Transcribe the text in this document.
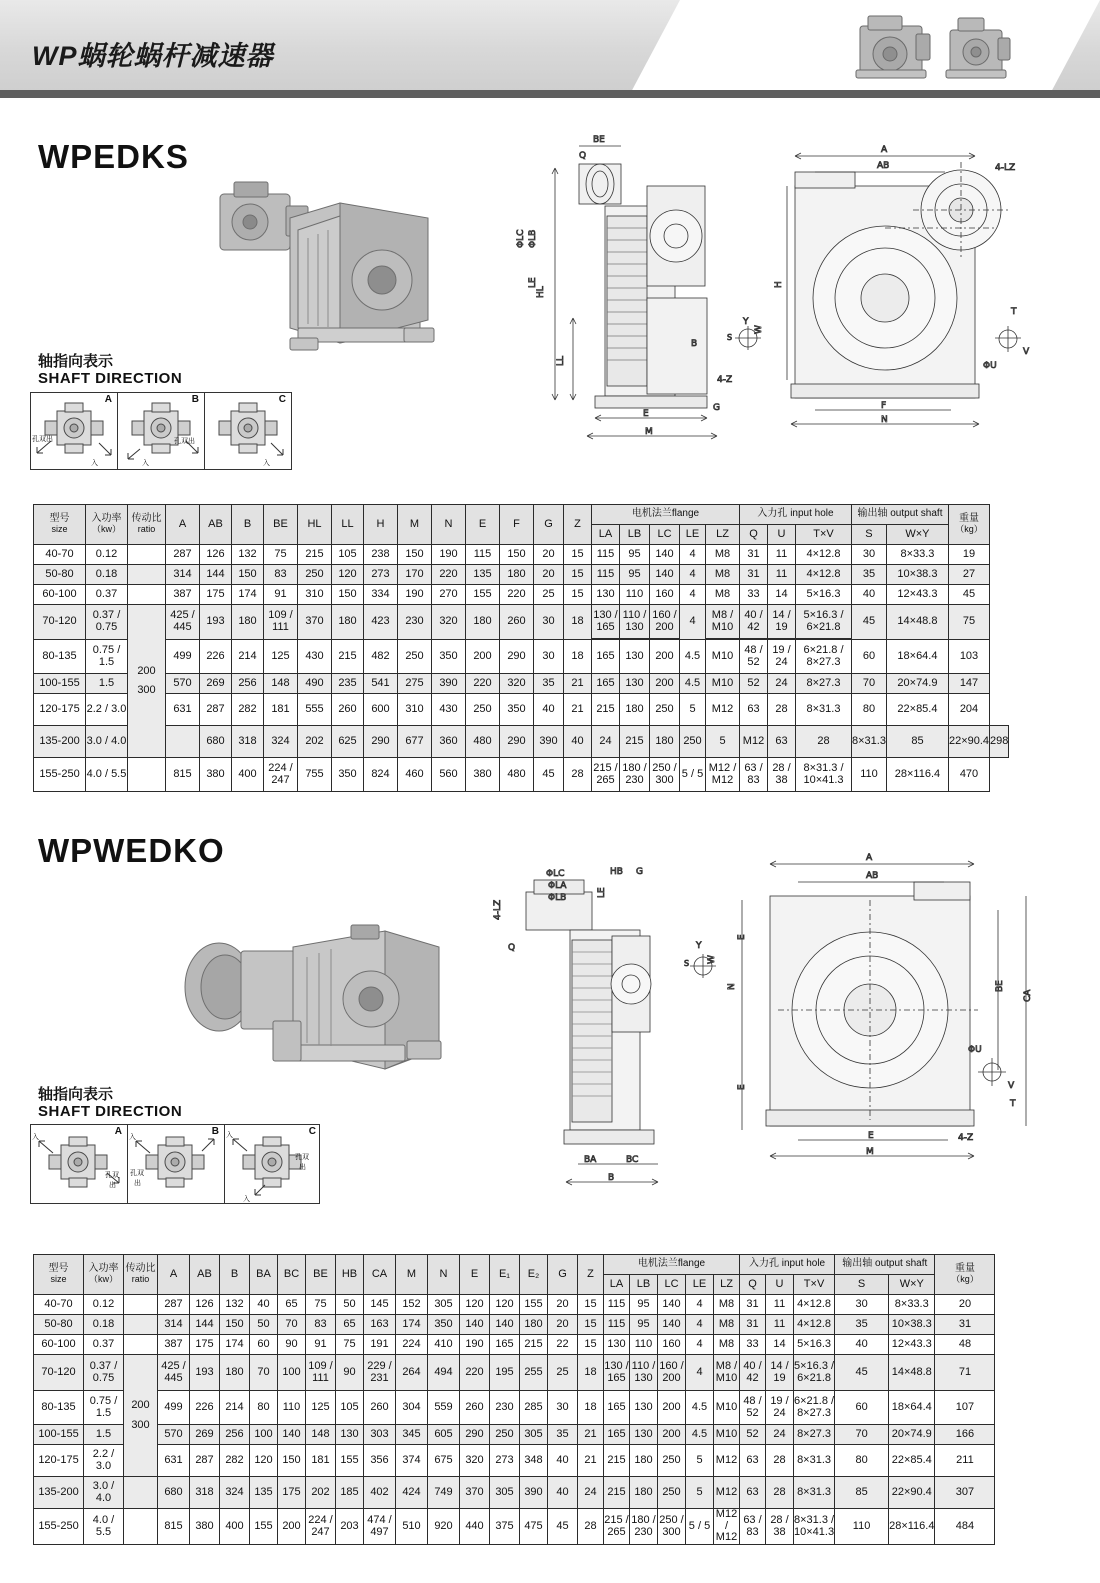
WP蜗轮蜗杆减速器
WPEDKS
轴指向表示
SHAFT DIRECTION
孔双出
入
A
孔双出
入
B
入
C
HL
LL
E
M
BE
Q
ΦLC ΦLB
LE
B
4-Z
G
S
Y
W
4-LZ
A
AB
N
F
H
T
ΦU
V
型号
size	入功率
（kw）	传动比
ratio	A	AB	B	BE	HL	LL	H	M	N	E	F	G	Z	电机法兰flange					入力孔 input hole			输出轴 output shaft		重量
（kg）	
																LA	LB	LC	LE	LZ	Q	U	T×V	S	W×Y		
40-70	0.12		287	126	132	75	215	105	238	150	190	115	150	20	15	115	95	140	4	M8	31	11	4×12.8	30	8×33.3	19	
50-80	0.18		314	144	150	83	250	120	273	170	220	135	180	20	15	115	95	140	4	M8	31	11	4×12.8	35	10×38.3	27	
60-100	0.37		387	175	174	91	310	150	334	190	270	155	220	25	15	130	110	160	4	M8	33	14	5×16.3	40	12×43.3	45	
70-120	0.37 / 0.75	200 300	425 / 445	193	180	109 / 111	370	180	423	230	320	180	260	30	18	130 / 165	110 / 130	160 / 200	4	M8 / M10	40 / 42	14 / 19	5×16.3 / 6×21.8	45	14×48.8	75	

80-135	0.75 / 1.5		499	226	214	125	430	215	482	250	350	200	290	30	18	165	130	200	4.5	M10	48 / 52	19 / 24	6×21.8 / 8×27.3	60	18×64.4	103	
100-155	1.5		570	269	256	148	490	235	541	275	390	220	320	35	21	165	130	200	4.5	M10	52	24	8×27.3	70	20×74.9	147	
120-175	2.2 / 3.0		631	287	282	181	555	260	600	310	430	250	350	40	21	215	180	250	5	M12	63	28	8×31.3	80	22×85.4	204	
135-200	3.0 / 4.0			680	318	324	202	625	290	677	360	480	290	390	40	24	215	180	250	5	M12	63	28	8×31.3	85	22×90.4	298
155-250	4.0 / 5.5		815	380	400	224 / 247	755	350	824	460	560	380	480	45	28	215 / 265	180 / 230	250 / 300	5 / 5	M12 / M12	63 / 83	28 / 38	8×31.3 / 10×41.3	110	28×116.4	470	
WPWEDKO
轴指向表示
SHAFT DIRECTION
入
孔双
出
A 入
孔双
出
B 入
孔双
出
入
C
4-LZ
ΦLC
ΦLA
ΦLB
HB G
LE
Q
BA	BC
B
Y
S W
N
E
E
A
AB
BE
CA
M
E	4-Z
ΦU
V
T
型号
size	入功率
（kw）	传动比
ratio	A	AB	B	BA	BC	BE	HB	CA	M	N	E	E₁	E₂	G	Z	电机法兰flange					入力孔 input hole			输出轴 output shaft		重量
（kg）
																		LA	LB	LC	LE	LZ	Q	U	T×V	S	W×Y	
40-70	0.12		287	126	132	40	65	75	50	145	152	305	120	120	155	20	15	115	95	140	4	M8	31	11	4×12.8	30	8×33.3	20
50-80	0.18		314	144	150	50	70	83	65	163	174	350	140	140	180	20	15	115	95	140	4	M8	31	11	4×12.8	35	10×38.3	31
60-100	0.37		387	175	174	60	90	91	75	191	224	410	190	165	215	22	15	130	110	160	4	M8	33	14	5×16.3	40	12×43.3	48
70-120	0.37 / 0.75	200 300	425 / 445	193	180	70	100	109 / 111	90	229 / 231	264	494	220	195	255	25	18	130 / 165	110 / 130	160 / 200	4	M8 / M10	40 / 42	14 / 19	5×16.3 / 6×21.8	45	14×48.8	71
80-135	0.75 / 1.5		499	226	214	80	110	125	105	260	304	559	260	230	285	30	18	165	130	200	4.5	M10	48 / 52	19 / 24	6×21.8 / 8×27.3	60	18×64.4	107
100-155	1.5		570	269	256	100	140	148	130	303	345	605	290	250	305	35	21	165	130	200	4.5	M10	52	24	8×27.3	70	20×74.9	166
120-175	2.2 / 3.0		631	287	282	120	150	181	155	356	374	675	320	273	348	40	21	215	180	250	5	M12	63	28	8×31.3	80	22×85.4	211
135-200	3.0 / 4.0		680	318	324	135	175	202	185	402	424	749	370	305	390	40	24	215	180	250	5	M12	63	28	8×31.3	85	22×90.4	307
155-250	4.0 / 5.5		815	380	400	155	200	224 / 247	203	474 / 497	510	920	440	375	475	45	28	215 / 265	180 / 230	250 / 300	5 / 5	M12 / M12	63 / 83	28 / 38	8×31.3 / 10×41.3	110	28×116.4	484
